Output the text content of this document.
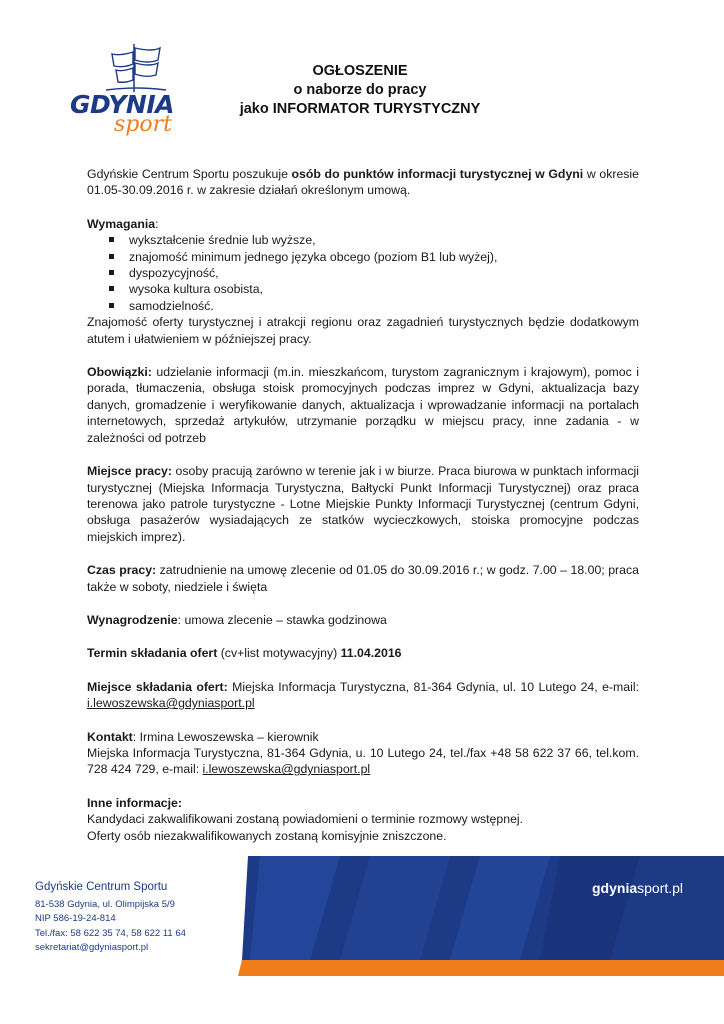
GDYNIA
sport
OGŁOSZENIE
o naborze do pracy
jako INFORMATOR TURYSTYCZNY

Gdyńskie Centrum Sportu poszukuje osób do punktów informacji turystycznej w Gdyni w okresie 01.05-30.09.2016 r. w zakresie działań określonym umową.

Wymagania:

wykształcenie średnie lub wyższe,
znajomość minimum jednego języka obcego (poziom B1 lub wyżej),
dyspozycyjność,
wysoka kultura osobista,
samodzielność.

Znajomość oferty turystycznej i atrakcji regionu oraz zagadnień turystycznych będzie dodatkowym atutem i ułatwieniem w późniejszej pracy.

Obowiązki: udzielanie informacji (m.in. mieszkańcom, turystom zagranicznym i krajowym), pomoc i porada, tłumaczenia, obsługa stoisk promocyjnych podczas imprez w Gdyni, aktualizacja bazy danych, gromadzenie i weryfikowanie danych, aktualizacja i wprowadzanie informacji na portalach internetowych, sprzedaż artykułów, utrzymanie porządku w miejscu pracy, inne zadania - w zależności od potrzeb

Miejsce pracy: osoby pracują zarówno w terenie jak i w biurze. Praca biurowa w punktach informacji turystycznej (Miejska Informacja Turystyczna, Bałtycki Punkt Informacji Turystycznej) oraz praca terenowa jako patrole turystyczne - Lotne Miejskie Punkty Informacji Turystycznej (centrum Gdyni, obsługa pasażerów wysiadających ze statków wycieczkowych, stoiska promocyjne podczas miejskich imprez).

Czas pracy: zatrudnienie na umowę zlecenie od 01.05 do 30.09.2016 r.; w godz. 7.00 – 18.00; praca także w soboty, niedziele i święta

Wynagrodzenie: umowa zlecenie – stawka godzinowa

Termin składania ofert (cv+list motywacyjny) 11.04.2016

Miejsce składania ofert: Miejska Informacja Turystyczna, 81-364 Gdynia, ul. 10 Lutego 24, e-mail: i.lewoszewska@gdyniasport.pl

Kontakt: Irmina Lewoszewska – kierownik

Miejska Informacja Turystyczna, 81-364 Gdynia, u. 10 Lutego 24, tel./fax +48 58 622 37 66, tel.kom. 728 424 729, e-mail: i.lewoszewska@gdyniasport.pl

Inne informacje:

Kandydaci zakwalifikowani zostaną powiadomieni o terminie rozmowy wstępnej.

Oferty osób niezakwalifikowanych zostaną komisyjnie zniszczone.

Gdyńskie Centrum Sportu
81-538 Gdynia, ul. Olimpijska 5/9
NIP 586-19-24-814
Tel./fax: 58 622 35 74, 58 622 11 64
sekretariat@gdyniasport.pl
gdyniasport.pl
